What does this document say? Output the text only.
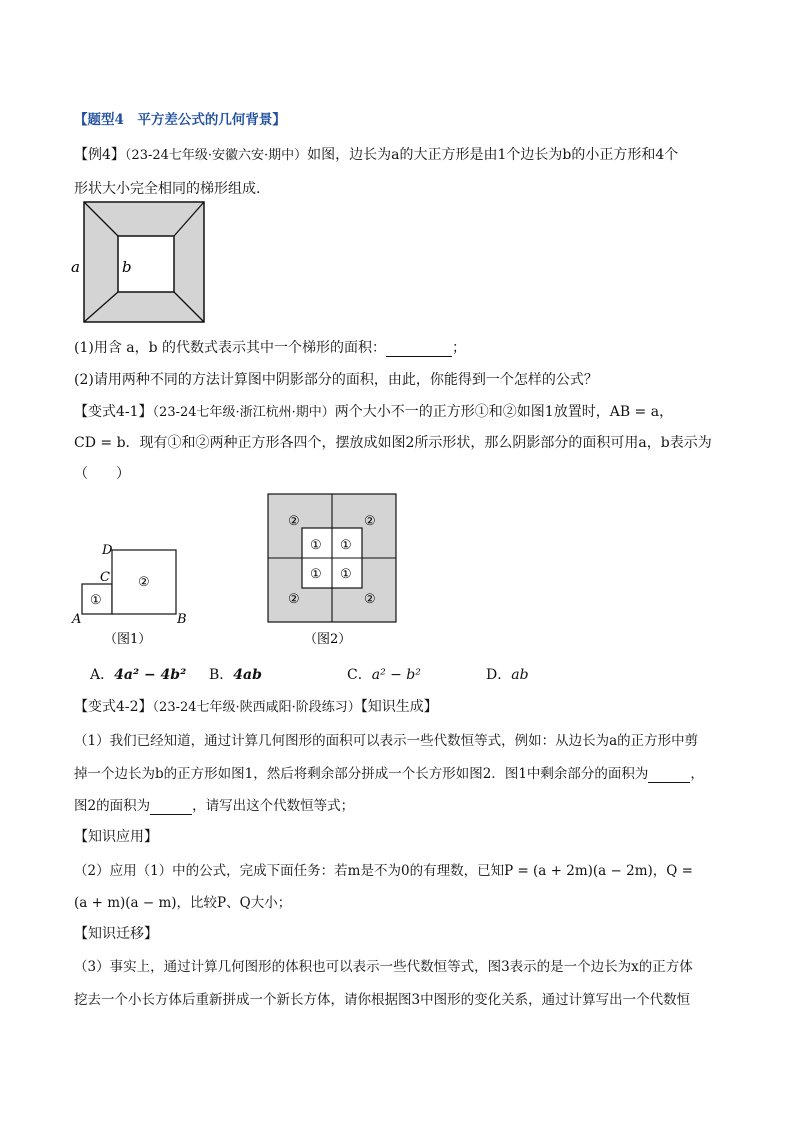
【题型4　平方差公式的几何背景】
【例4】（23-24七年级·安徽六安·期中）如图，边长为a的大正方形是由1个边长为b的小正方形和4个
形状大小完全相同的梯形组成.
a	b
(1)用含 a，b 的代数式表示其中一个梯形的面积：	；
(2)请用两种不同的方法计算图中阴影部分的面积，由此，你能得到一个怎样的公式？
【变式4-1】（23-24七年级·浙江杭州·期中）两个大小不一的正方形①和②如图1放置时，AB = a，
CD = b．现有①和②两种正方形各四个，摆放成如图2所示形状，那么阴影部分的面积可用a，b表示为
（　　）
①
②
D
C
A	B
（图1）
②	②
②	②
① ①
① ①
（图2）
A．4a² − 4b² B．4ab	C．a² − b²	D．ab
【变式4-2】（23-24七年级·陕西咸阳·阶段练习）【知识生成】
（1）我们已经知道，通过计算几何图形的面积可以表示一些代数恒等式，例如：从边长为a的正方形中剪
掉一个边长为b的正方形如图1，然后将剩余部分拼成一个长方形如图2．图1中剩余部分的面积为	，
图2的面积为	，请写出这个代数恒等式；
【知识应用】
（2）应用（1）中的公式，完成下面任务：若m是不为0的有理数，已知P = (a + 2m)(a − 2m)，Q =
(a + m)(a − m)，比较P、Q大小；
【知识迁移】
（3）事实上，通过计算几何图形的体积也可以表示一些代数恒等式，图3表示的是一个边长为x的正方体
挖去一个小长方体后重新拼成一个新长方体，请你根据图3中图形的变化关系，通过计算写出一个代数恒
